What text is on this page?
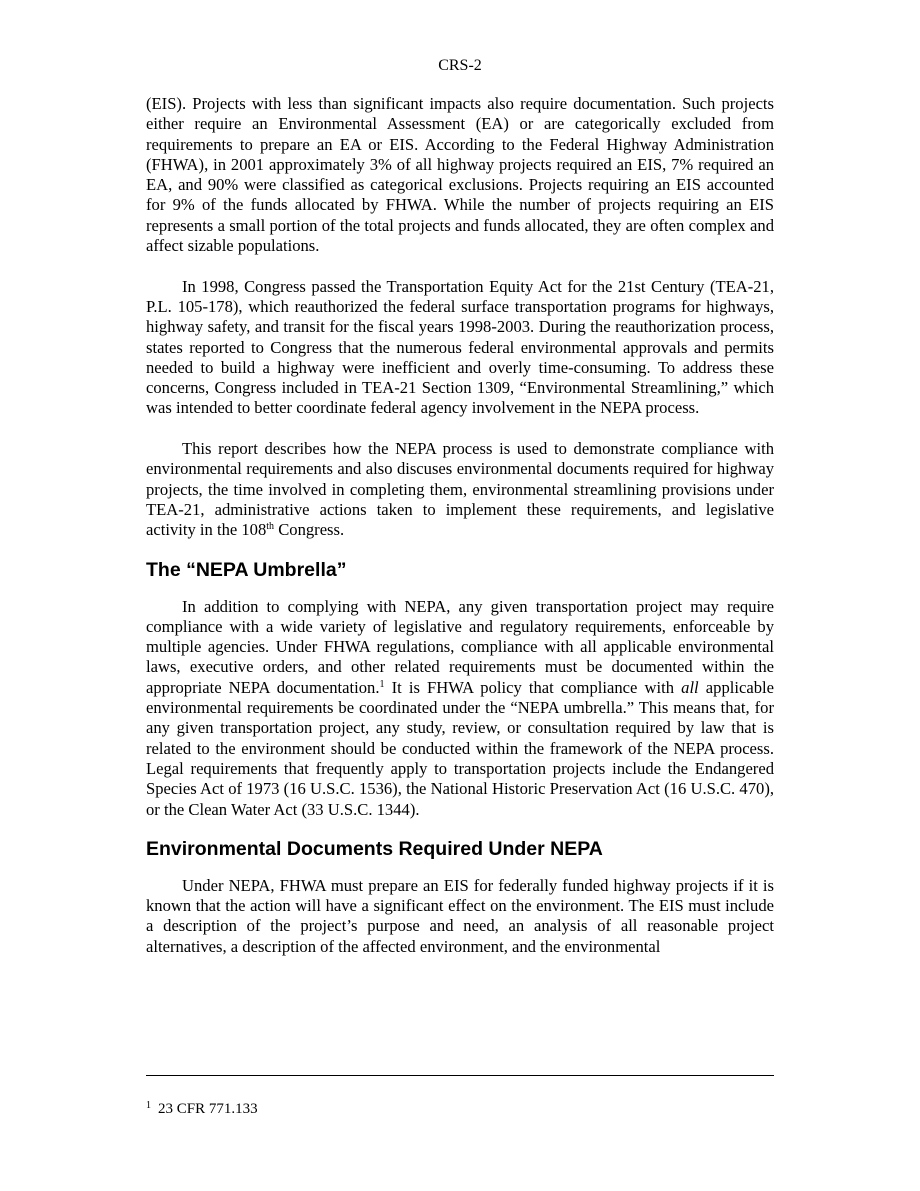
CRS-2

(EIS). Projects with less than significant impacts also require documentation. Such projects either require an Environmental Assessment (EA) or are categorically excluded from requirements to prepare an EA or EIS. According to the Federal Highway Administration (FHWA), in 2001 approximately 3% of all highway projects required an EIS, 7% required an EA, and 90% were classified as categorical exclusions. Projects requiring an EIS accounted for 9% of the funds allocated by FHWA. While the number of projects requiring an EIS represents a small portion of the total projects and funds allocated, they are often complex and affect sizable populations.

In 1998, Congress passed the Transportation Equity Act for the 21st Century (TEA-21, P.L. 105-178), which reauthorized the federal surface transportation programs for highways, highway safety, and transit for the fiscal years 1998-2003. During the reauthorization process, states reported to Congress that the numerous federal environmental approvals and permits needed to build a highway were inefficient and overly time-consuming. To address these concerns, Congress included in TEA-21 Section 1309, “Environmental Streamlining,” which was intended to better coordinate federal agency involvement in the NEPA process.

This report describes how the NEPA process is used to demonstrate compliance with environmental requirements and also discuses environmental documents required for highway projects, the time involved in completing them, environmental streamlining provisions under TEA-21, administrative actions taken to implement these requirements, and legislative activity in the 108th Congress.

The “NEPA Umbrella”

In addition to complying with NEPA, any given transportation project may require compliance with a wide variety of legislative and regulatory requirements, enforceable by multiple agencies. Under FHWA regulations, compliance with all applicable environmental laws, executive orders, and other related requirements must be documented within the appropriate NEPA documentation.$^1$ It is FHWA policy that compliance with all applicable environmental requirements be coordinated under the “NEPA umbrella.” This means that, for any given transportation project, any study, review, or consultation required by law that is related to the environment should be conducted within the framework of the NEPA process. Legal requirements that frequently apply to transportation projects include the Endangered Species Act of 1973 (16 U.S.C. 1536), the National Historic Preservation Act (16 U.S.C. 470), or the Clean Water Act (33 U.S.C. 1344).

Environmental Documents Required Under NEPA

Under NEPA, FHWA must prepare an EIS for federally funded highway projects if it is known that the action will have a significant effect on the environment. The EIS must include a description of the project’s purpose and need, an analysis of all reasonable project alternatives, a description of the affected environment, and the environmental

$^1$ 23 CFR 771.133
